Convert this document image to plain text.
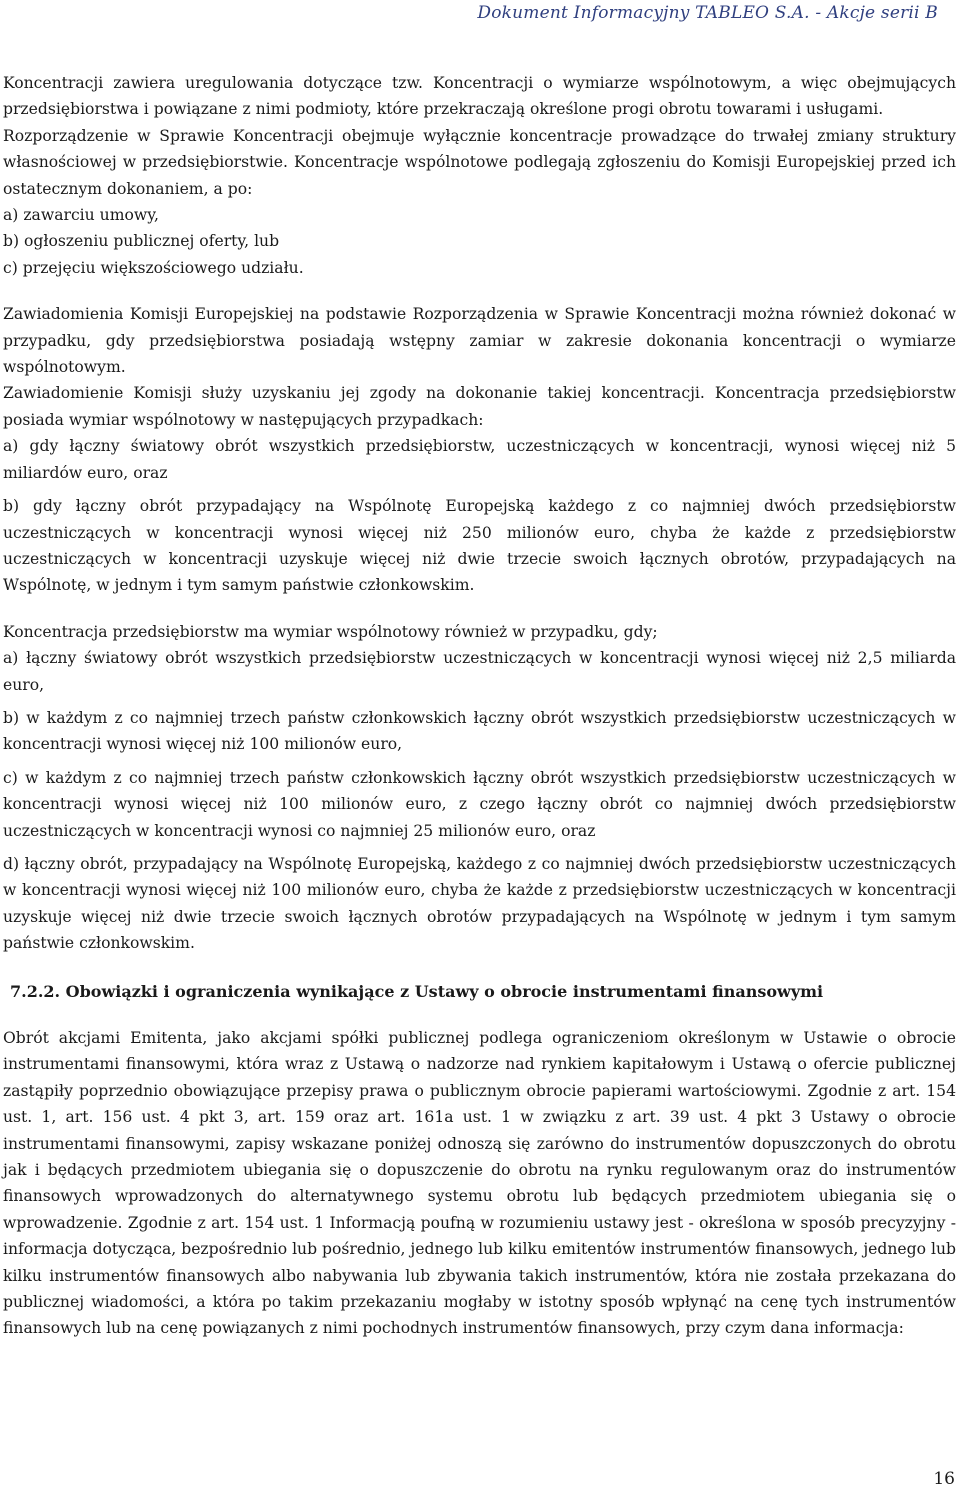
Dokument Informacyjny TABLEO S.A. - Akcje serii B

Koncentracji zawiera uregulowania dotyczące tzw. Koncentracji o wymiarze wspólnotowym, a więc obejmujących przedsiębiorstwa i powiązane z nimi podmioty, które przekraczają określone progi obrotu towarami i usługami.

Rozporządzenie w Sprawie Koncentracji obejmuje wyłącznie koncentracje prowadzące do trwałej zmiany struktury własnościowej w przedsiębiorstwie. Koncentracje wspólnotowe podlegają zgłoszeniu do Komisji Europejskiej przed ich ostatecznym dokonaniem, a po:

a) zawarciu umowy,

b) ogłoszeniu publicznej oferty, lub

c) przejęciu większościowego udziału.

Zawiadomienia Komisji Europejskiej na podstawie Rozporządzenia w Sprawie Koncentracji można również dokonać w przypadku, gdy przedsiębiorstwa posiadają wstępny zamiar w zakresie dokonania koncentracji o wymiarze wspólnotowym.

Zawiadomienie Komisji służy uzyskaniu jej zgody na dokonanie takiej koncentracji. Koncentracja przedsiębiorstw posiada wymiar wspólnotowy w następujących przypadkach:

a) gdy łączny światowy obrót wszystkich przedsiębiorstw, uczestniczących w koncentracji, wynosi więcej niż 5 miliardów euro, oraz

b) gdy łączny obrót przypadający na Wspólnotę Europejską każdego z co najmniej dwóch przedsiębiorstw uczestniczących w koncentracji wynosi więcej niż 250 milionów euro, chyba że każde z przedsiębiorstw uczestniczących w koncentracji uzyskuje więcej niż dwie trzecie swoich łącznych obrotów, przypadających na Wspólnotę, w jednym i tym samym państwie członkowskim.

Koncentracja przedsiębiorstw ma wymiar wspólnotowy również w przypadku, gdy;

a) łączny światowy obrót wszystkich przedsiębiorstw uczestniczących w koncentracji wynosi więcej niż 2,5 miliarda euro,

b) w każdym z co najmniej trzech państw członkowskich łączny obrót wszystkich przedsiębiorstw uczestniczących w koncentracji wynosi więcej niż 100 milionów euro,

c) w każdym z co najmniej trzech państw członkowskich łączny obrót wszystkich przedsiębiorstw uczestniczących w koncentracji wynosi więcej niż 100 milionów euro, z czego łączny obrót co najmniej dwóch przedsiębiorstw uczestniczących w koncentracji wynosi co najmniej 25 milionów euro, oraz

d) łączny obrót, przypadający na Wspólnotę Europejską, każdego z co najmniej dwóch przedsiębiorstw uczestniczących w koncentracji wynosi więcej niż 100 milionów euro, chyba że każde z przedsiębiorstw uczestniczących w koncentracji uzyskuje więcej niż dwie trzecie swoich łącznych obrotów przypadających na Wspólnotę w jednym i tym samym państwie członkowskim.

7.2.2. Obowiązki i ograniczenia wynikające z Ustawy o obrocie instrumentami finansowymi

Obrót akcjami Emitenta, jako akcjami spółki publicznej podlega ograniczeniom określonym w Ustawie o obrocie instrumentami finansowymi, która wraz z Ustawą o nadzorze nad rynkiem kapitałowym i Ustawą o ofercie publicznej zastąpiły poprzednio obowiązujące przepisy prawa o publicznym obrocie papierami wartościowymi. Zgodnie z art. 154 ust. 1, art. 156 ust. 4 pkt 3, art. 159 oraz art. 161a ust. 1 w związku z art. 39 ust. 4 pkt 3 Ustawy o obrocie instrumentami finansowymi, zapisy wskazane poniżej odnoszą się zarówno do instrumentów dopuszczonych do obrotu jak i będących przedmiotem ubiegania się o dopuszczenie do obrotu na rynku regulowanym oraz do instrumentów finansowych wprowadzonych do alternatywnego systemu obrotu lub będących przedmiotem ubiegania się o wprowadzenie. Zgodnie z art. 154 ust. 1 Informacją poufną w rozumieniu ustawy jest - określona w sposób precyzyjny - informacja dotycząca, bezpośrednio lub pośrednio, jednego lub kilku emitentów instrumentów finansowych, jednego lub kilku instrumentów finansowych albo nabywania lub zbywania takich instrumentów, która nie została przekazana do publicznej wiadomości, a która po takim przekazaniu mogłaby w istotny sposób wpłynąć na cenę tych instrumentów finansowych lub na cenę powiązanych z nimi pochodnych instrumentów finansowych, przy czym dana informacja:

16
